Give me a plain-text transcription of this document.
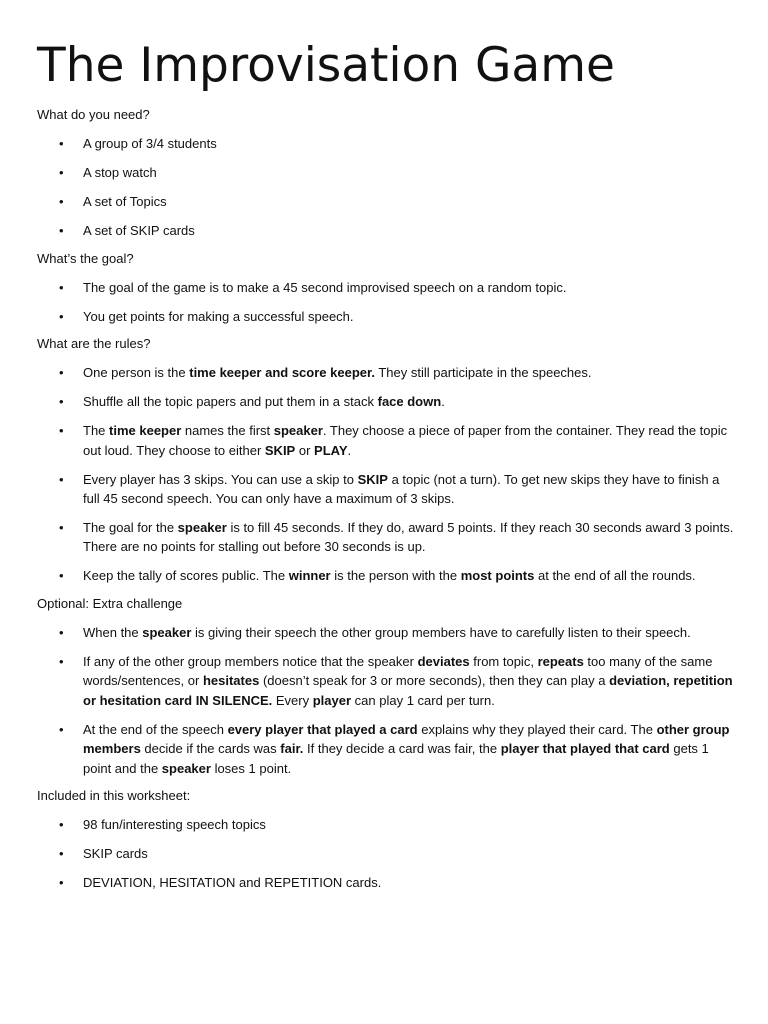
The Improvisation Game
What do you need?
• A group of 3/4 students
• A stop watch
• A set of Topics
• A set of SKIP cards
What’s the goal?
• The goal of the game is to make a 45 second improvised speech on a random topic.
• You get points for making a successful speech.
What are the rules?
• One person is the time keeper and score keeper. They still participate in the speeches.
• Shuffle all the topic papers and put them in a stack face down.
• The time keeper names the first speaker. They choose a piece of paper from the container. They read the topic out loud. They choose to either SKIP or PLAY.
• Every player has 3 skips. You can use a skip to SKIP a topic (not a turn). To get new skips they have to finish a full 45 second speech. You can only have a maximum of 3 skips.
• The goal for the speaker is to fill 45 seconds. If they do, award 5 points. If they reach 30 seconds award 3 points. There are no points for stalling out before 30 seconds is up.
• Keep the tally of scores public. The winner is the person with the most points at the end of all the rounds.
Optional: Extra challenge
• When the speaker is giving their speech the other group members have to carefully listen to their speech.
• If any of the other group members notice that the speaker deviates from topic, repeats too many of the same words/sentences, or hesitates (doesn’t speak for 3 or more seconds), then they can play a deviation, repetition or hesitation card IN SILENCE. Every player can play 1 card per turn.
• At the end of the speech every player that played a card explains why they played their card. The other group members decide if the cards was fair. If they decide a card was fair, the player that played that card gets 1 point and the speaker loses 1 point.
Included in this worksheet:
• 98 fun/interesting speech topics
• SKIP cards
• DEVIATION, HESITATION and REPETITION cards.
